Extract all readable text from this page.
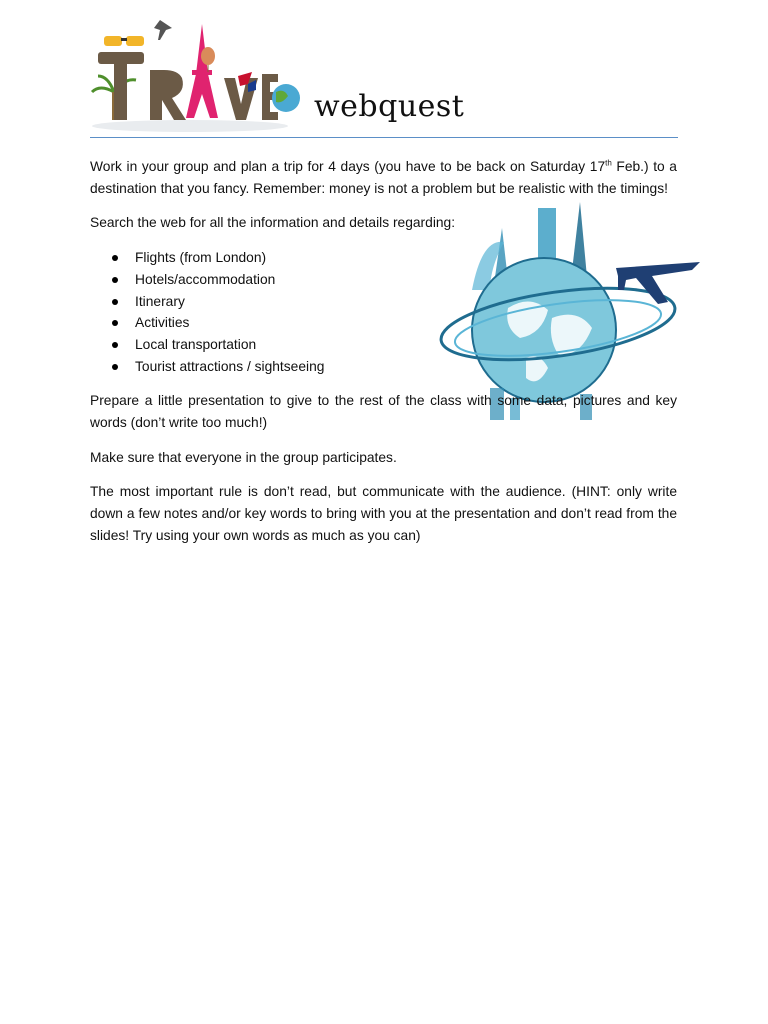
webquest

Work in your group and plan a trip for 4 days (you have to be back on Saturday 17th Feb.) to a destination that you fancy. Remember: money is not a problem but be realistic with the timings!

Search the web for all the information and details regarding:

Flights (from London)
Hotels/accommodation
Itinerary
Activities
Local transportation
Tourist attractions / sightseeing

Prepare a little presentation to give to the rest of the class with some data, pictures and key words (don’t write too much!)

Make sure that everyone in the group participates.

The most important rule is don’t read, but communicate with the audience. (HINT: only write down a few notes and/or key words to bring with you at the presentation and don’t read from the slides! Try using your own words as much as you can)
